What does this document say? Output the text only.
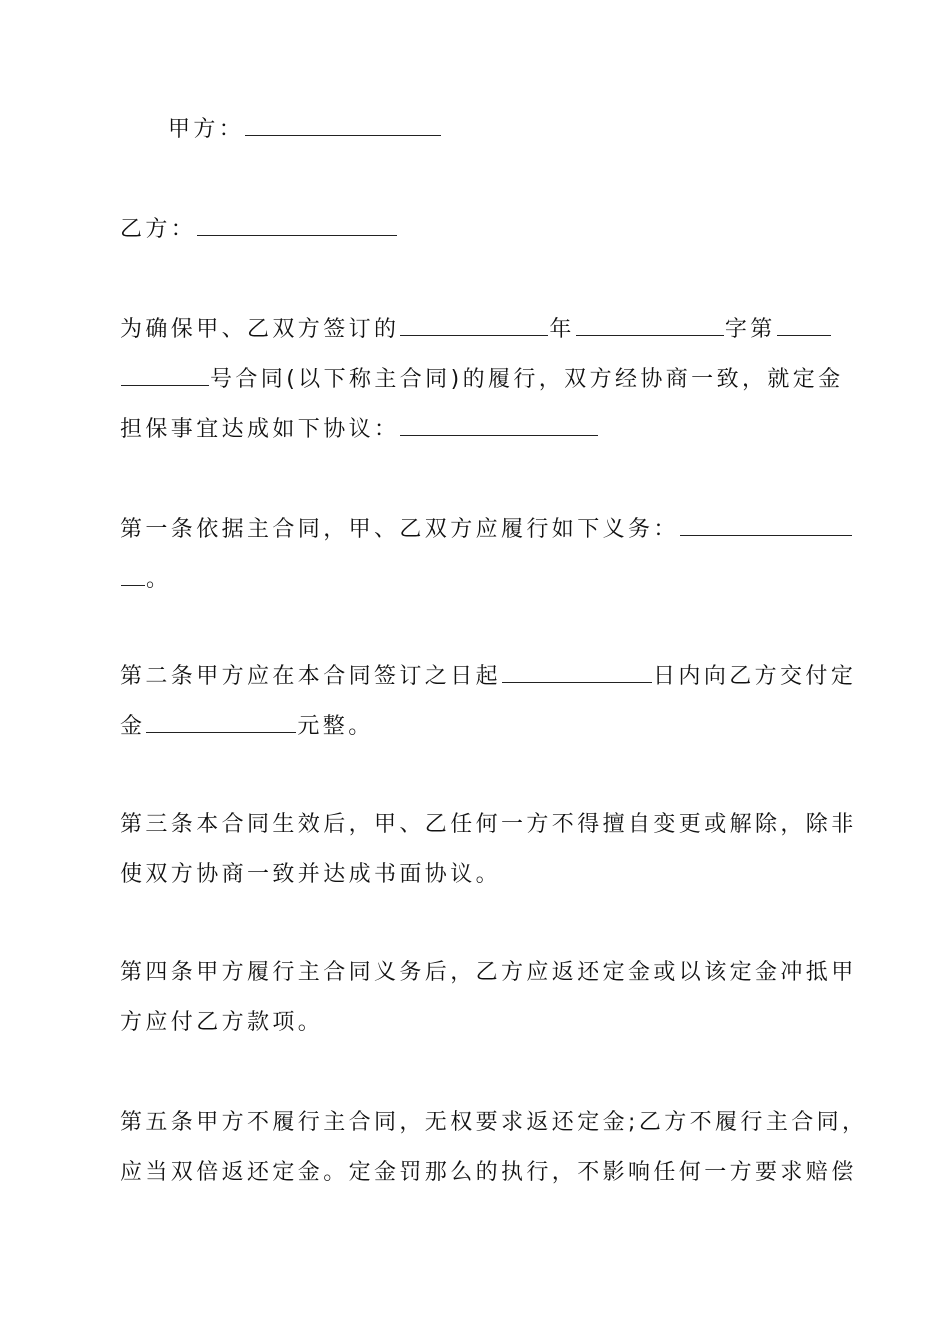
甲方：
乙方：
为确保甲、乙双方签订的	年	字第
号合同(以下称主合同)的履行，双方经协商一致，就定金
担保事宜达成如下协议：
第一条依据主合同，甲、乙双方应履行如下义务：
。
第二条甲方应在本合同签订之日起	日内向乙方交付定
金	元整。
第三条本合同生效后，甲、乙任何一方不得擅自变更或解除，除非
使双方协商一致并达成书面协议。
第四条甲方履行主合同义务后，乙方应返还定金或以该定金冲抵甲
方应付乙方款项。
第五条甲方不履行主合同，无权要求返还定金;乙方不履行主合同，
应当双倍返还定金。定金罚那么的执行，不影响任何一方要求赔偿
